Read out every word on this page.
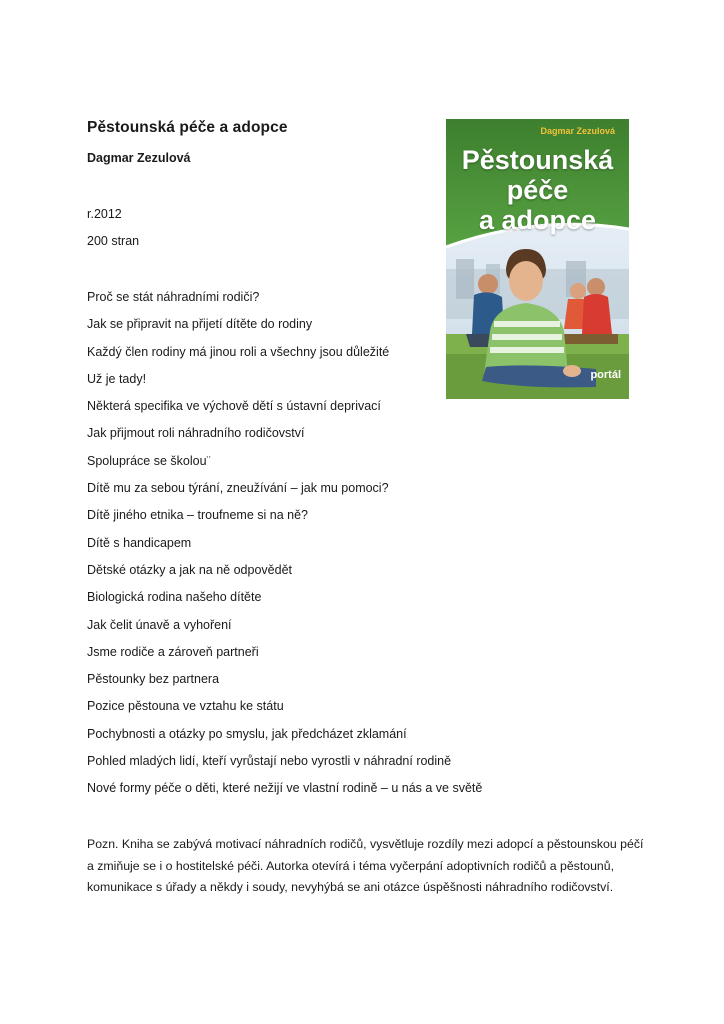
Pěstounská péče a adopce

Dagmar Zezulová

r.2012

200 stran

Proč se stát náhradními rodiči?
Jak se připravit na přijetí dítěte do rodiny
Každý člen rodiny má jinou roli a všechny jsou důležité
Už je tady!
Některá specifika ve výchově dětí s ústavní deprivací
Jak přijmout roli náhradního rodičovství
Spolupráce se školou¨
Dítě mu za sebou týrání, zneužívání – jak mu pomoci?
Dítě jiného etnika – troufneme si na ně?
Dítě s handicapem
Dětské otázky a jak na ně odpovědět
Biologická rodina našeho dítěte
Jak čelit únavě a vyhoření
Jsme rodiče a zároveň partneři
Pěstounky bez partnera
Pozice pěstouna ve vztahu ke státu
Pochybnosti a otázky po smyslu, jak předcházet zklamání
Pohled mladých lidí, kteří vyrůstají nebo vyrostli v náhradní rodině
Nové formy péče o děti, které nežijí ve vlastní rodině – u nás a ve světě

Pozn. Kniha se zabývá motivací náhradních rodičů, vysvětluje rozdíly mezi adopcí a pěstounskou péčí a zmiňuje se i o hostitelské péči. Autorka otevírá i téma vyčerpání adoptivních rodičů a pěstounů, komunikace s úřady a někdy i soudy, nevyhýbá se ani otázce úspěšnosti náhradního rodičovství.

Dagmar Zezulová

Pěstounská
péče
a adopce

portál
